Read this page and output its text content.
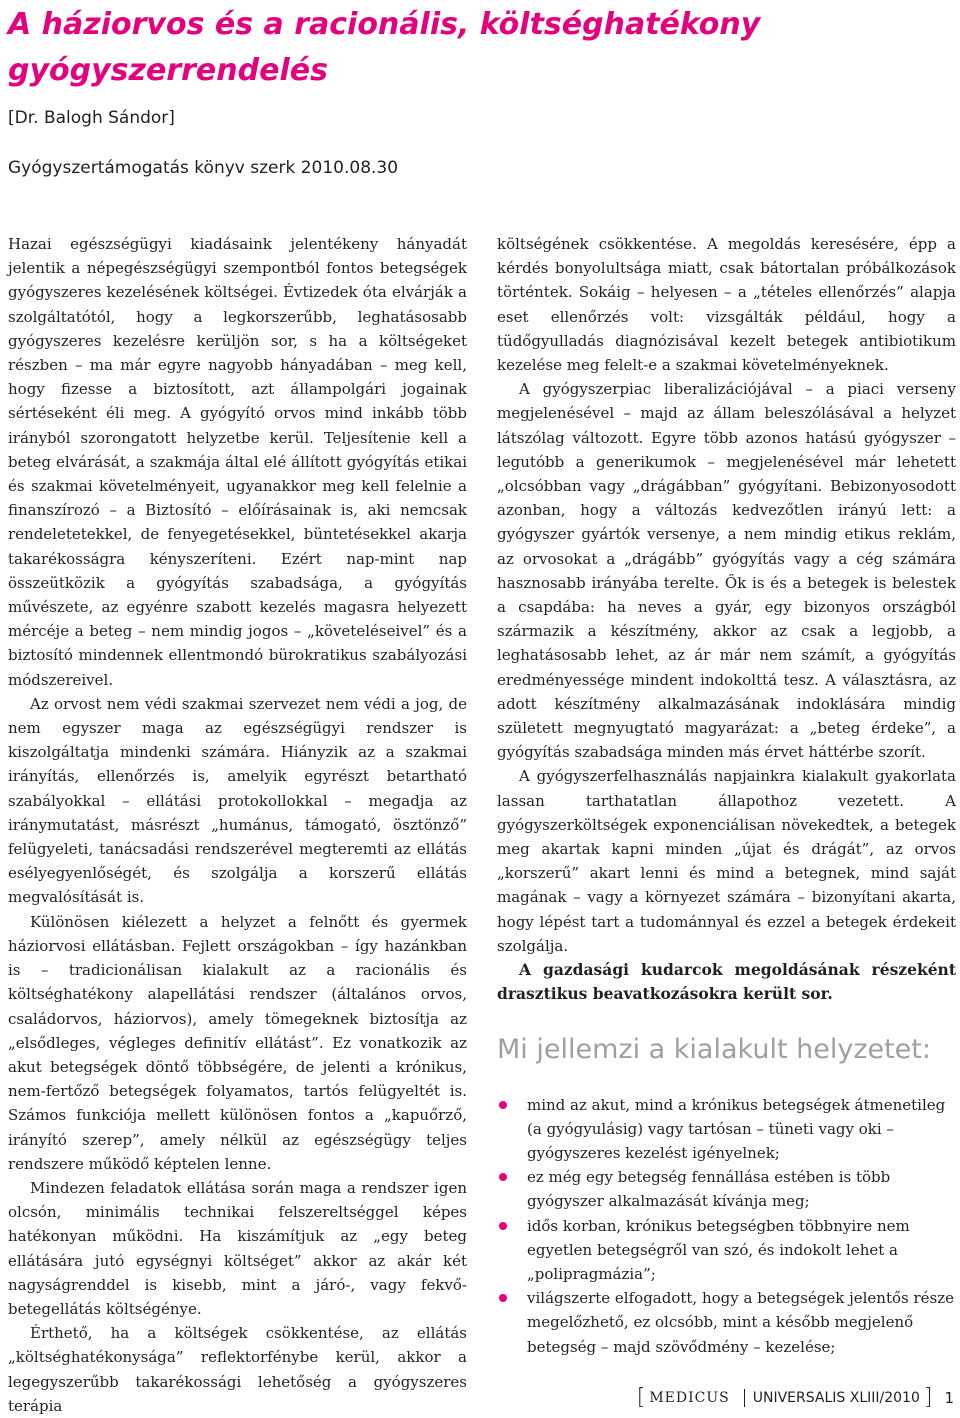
A háziorvos és a racionális, költséghatékony gyógyszerrendelés
[Dr. Balogh Sándor]
Gyógyszertámogatás könyv szerk 2010.08.30

Hazai egészségügyi kiadásaink jelentékeny hányadát jelentik a népegészségügyi szempontból fontos betegségek gyógyszeres kezelésének költségei. Évtizedek óta elvárják a szolgáltatótól, hogy a legkorszerűbb, leghatásosabb gyógyszeres kezelésre kerüljön sor, s ha a költségeket részben – ma már egyre nagyobb hányadában – meg kell, hogy fizesse a biztosított, azt állampolgári jogainak sértéseként éli meg. A gyógyító orvos mind inkább több irányból szorongatott helyzetbe kerül. Teljesítenie kell a beteg elvárását, a szakmája által elé állított gyógyítás etikai és szakmai követelményeit, ugyanakkor meg kell felelnie a finanszírozó – a Biztosító – előírásainak is, aki nemcsak rendeletetekkel, de fenyegetésekkel, büntetésekkel akarja takarékosságra kényszeríteni. Ezért nap-mint nap összeütközik a gyógyítás szabadsága, a gyógyítás művészete, az egyénre szabott kezelés magasra helyezett mércéje a beteg – nem mindig jogos – „követeléseivel” és a biztosító mindennek ellentmondó bürokratikus szabályozási módszereivel.

Az orvost nem védi szakmai szervezet nem védi a jog, de nem egyszer maga az egészségügyi rendszer is kiszolgáltatja mindenki számára. Hiányzik az a szakmai irányítás, ellenőrzés is, amelyik egyrészt betartható szabályokkal – ellátási protokollokkal – megadja az iránymutatást, másrészt „humánus, támogató, ösztönző” felügyeleti, tanácsadási rendszerével megteremti az ellátás esélyegyenlőségét, és szolgálja a korszerű ellátás megvalósítását is.

Különösen kiélezett a helyzet a felnőtt és gyermek háziorvosi ellátásban. Fejlett országokban – így hazánkban is – tradicionálisan kialakult az a racionális és költséghatékony alapellátási rendszer (általános orvos, családorvos, háziorvos), amely tömegeknek biztosítja az „elsődleges, végleges definitív ellátást”. Ez vonatkozik az akut betegségek döntő többségére, de jelenti a krónikus, nem-fertőző betegségek folyamatos, tartós felügyeltét is. Számos funkciója mellett különösen fontos a „kapuőrző, irányító szerep”, amely nélkül az egészségügy teljes rendszere működő képtelen lenne.

Mindezen feladatok ellátása során maga a rendszer igen olcsón, minimális technikai felszereltséggel képes hatékonyan működni. Ha kiszámítjuk az „egy beteg ellátására jutó egységnyi költséget” akkor az akár két nagyságrenddel is kisebb, mint a járó-, vagy fekvő-betegellátás költségénye.

Érthető, ha a költségek csökkentése, az ellátás „költséghatékonysága” reflektorfénybe kerül, akkor a legegyszerűbb takarékossági lehetőség a gyógyszeres terápia

költségének csökkentése. A megoldás keresésére, épp a kérdés bonyolultsága miatt, csak bátortalan próbálkozások történtek. Sokáig – helyesen – a „tételes ellenőrzés” alapja eset ellenőrzés volt: vizsgálták például, hogy a tüdőgyulladás diagnózisával kezelt betegek antibiotikum kezelése meg felelt-e a szakmai követelményeknek.

A gyógyszerpiac liberalizációjával – a piaci verseny megjelenésével – majd az állam beleszólásával a helyzet látszólag változott. Egyre több azonos hatású gyógyszer – legutóbb a generikumok – megjelenésével már lehetett „olcsóbban vagy „drágábban” gyógyítani. Bebizonyosodott azonban, hogy a változás kedvezőtlen irányú lett: a gyógyszer gyártók versenye, a nem mindig etikus reklám, az orvosokat a „drágább” gyógyítás vagy a cég számára hasznosabb irányába terelte. Ők is és a betegek is belestek a csapdába: ha neves a gyár, egy bizonyos országból származik a készítmény, akkor az csak a legjobb, a leghatásosabb lehet, az ár már nem számít, a gyógyítás eredményessége mindent indokolttá tesz. A választásra, az adott készítmény alkalmazásának indoklására mindig született megnyugtató magyarázat: a „beteg érdeke”, a gyógyítás szabadsága minden más érvet háttérbe szorít.

A gyógyszerfelhasználás napjainkra kialakult gyakorlata lassan tarthatatlan állapothoz vezetett. A gyógyszerköltségek exponenciálisan növekedtek, a betegek meg akartak kapni minden „újat és drágát”, az orvos „korszerű” akart lenni és mind a betegnek, mind saját magának – vagy a környezet számára – bizonyítani akarta, hogy lépést tart a tudománnyal és ezzel a betegek érdekeit szolgálja.

A gazdasági kudarcok megoldásának részeként drasztikus beavatkozásokra került sor.

Mi jellemzi a kialakult helyzetet:
mind az akut, mind a krónikus betegségek átmenetileg (a gyógyulásig) vagy tartósan – tüneti vagy oki – gyógyszeres kezelést igényelnek;
ez még egy betegség fennállása estében is több gyógyszer alkalmazását kívánja meg;
idős korban, krónikus betegségben többnyire nem egyetlen betegségről van szó, és indokolt lehet a „polipragmázia”;
világszerte elfogadott, hogy a betegségek jelentős része megelőzhető, ez olcsóbb, mint a később megjelenő betegség – majd szövődmény – kezelése;
[ MEDICUS UNIVERSALIS XLIII/2010 ] 1
